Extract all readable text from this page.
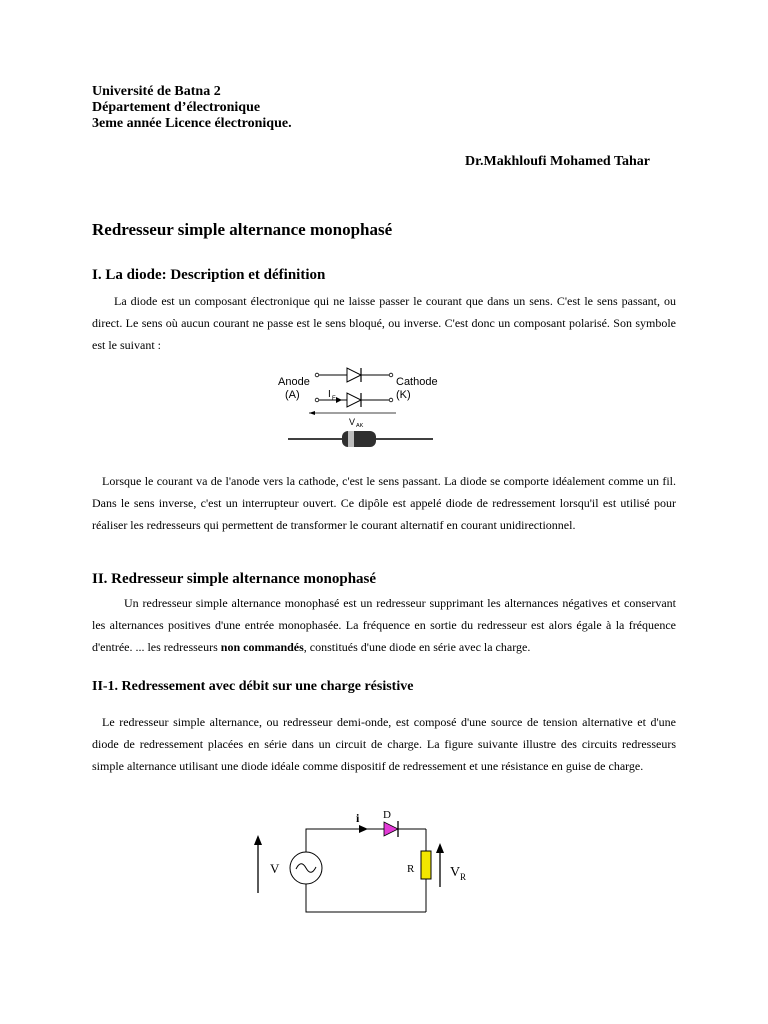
Université de Batna 2
Département d’électronique
3eme année Licence électronique.
Dr.Makhloufi Mohamed Tahar
Redresseur simple alternance monophasé
I. La diode: Description et définition
La diode est un composant électronique qui ne laisse passer le courant que dans un sens. C'est le sens passant, ou direct. Le sens où aucun courant ne passe est le sens bloqué, ou inverse. C'est donc un composant polarisé. Son symbole est le suivant :
Anode
(A)
Cathode
(K)
I F
V AK
Lorsque le courant va de l'anode vers la cathode, c'est le sens passant. La diode se comporte idéalement comme un fil. Dans le sens inverse, c'est un interrupteur ouvert. Ce dipôle est appelé diode de redressement lorsqu'il est utilisé pour réaliser les redresseurs qui permettent de transformer le courant alternatif en courant unidirectionnel.
II. Redresseur simple alternance monophasé
Un redresseur simple alternance monophasé est un redresseur supprimant les alternances négatives et conservant les alternances positives d'une entrée monophasée. La fréquence en sortie du redresseur est alors égale à la fréquence d'entrée. ... les redresseurs non commandés, constitués d'une diode en série avec la charge.
II-1. Redressement avec débit sur une charge résistive
Le redresseur simple alternance, ou redresseur demi-onde, est composé d'une source de tension alternative et d'une diode de redressement placées en série dans un circuit de charge. La figure suivante illustre des circuits redresseurs simple alternance utilisant une diode idéale comme dispositif de redressement et une résistance en guise de charge.
V
i D
R	V R
